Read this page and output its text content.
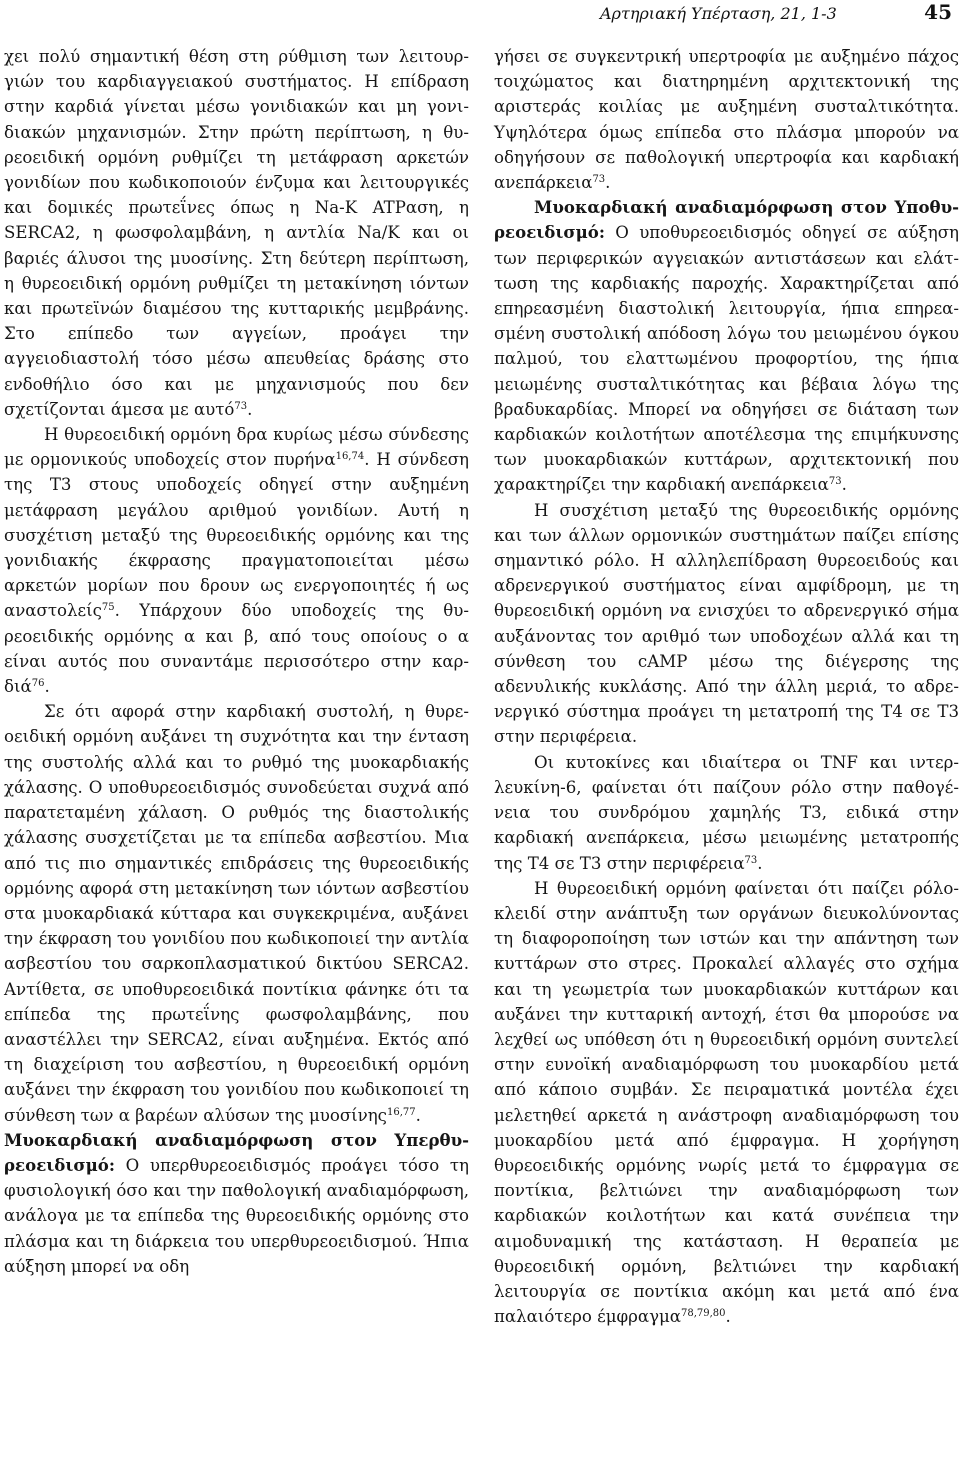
Αρτηριακή Υπέρταση, 21, 1-3	45

χει πολύ σημαντική θέση στη ρύθμιση των λειτουργιών του καρδιαγγειακού συστήματος. Η επίδραση στην καρδιά γίνεται μέσω γονιδιακών και μη γονιδιακών μηχανισμών. Στην πρώτη περίπτωση, η θυρεοειδική ορμόνη ρυθμίζει τη μετάφραση αρκετών γονιδίων που κωδικοποιούν ένζυμα και λειτουργικές και δομικές πρωτεΐνες όπως η Na-K ATPαση, η SERCA2, η φωσφολαμβάνη, η αντλία Na/K και οι βαριές άλυσοι της μυοσίνης. Στη δεύτερη περίπτωση, η θυρεοειδική ορμόνη ρυθμίζει τη μετακίνηση ιόντων και πρωτεϊνών διαμέσου της κυτταρικής μεμβράνης. Στο επίπεδο των αγγείων, προάγει την αγγειοδιαστολή τόσο μέσω απευθείας δράσης στο ενδοθήλιο όσο και με μηχανισμούς που δεν σχετίζονται άμεσα με αυτό$^{73}$.

Η θυρεοειδική ορμόνη δρα κυρίως μέσω σύνδεσης με ορμονικούς υποδοχείς στον πυρήνα$^{16,74}$. Η σύνδεση της T3 στους υποδοχείς οδηγεί στην αυξημένη μετάφραση μεγάλου αριθμού γονιδίων. Αυτή η συσχέτιση μεταξύ της θυρεοειδικής ορμόνης και της γονιδιακής έκφρασης πραγματοποιείται μέσω αρκετών μορίων που δρουν ως ενεργοποιητές ή ως αναστολείς$^{75}$. Υπάρχουν δύο υποδοχείς της θυρεοειδικής ορμόνης α και β, από τους οποίους ο α είναι αυτός που συναντάμε περισσότερο στην καρδιά$^{76}$.

Σε ότι αφορά στην καρδιακή συστολή, η θυρεοειδική ορμόνη αυξάνει τη συχνότητα και την ένταση της συστολής αλλά και το ρυθμό της μυοκαρδιακής χάλασης. Ο υποθυρεοειδισμός συνοδεύεται συχνά από παρατεταμένη χάλαση. Ο ρυθμός της διαστολικής χάλασης συσχετίζεται με τα επίπεδα ασβεστίου. Μια από τις πιο σημαντικές επιδράσεις της θυρεοειδικής ορμόνης αφορά στη μετακίνηση των ιόντων ασβεστίου στα μυοκαρδιακά κύτταρα και συγκεκριμένα, αυξάνει την έκφραση του γονιδίου που κωδικοποιεί την αντλία ασβεστίου του σαρκοπλασματικού δικτύου SERCA2. Αντίθετα, σε υποθυρεοειδικά ποντίκια φάνηκε ότι τα επίπεδα της πρωτεΐνης φωσφολαμβάνης, που αναστέλλει την SERCA2, είναι αυξημένα. Εκτός από τη διαχείριση του ασβεστίου, η θυρεοειδική ορμόνη αυξάνει την έκφραση του γονιδίου που κωδικοποιεί τη σύνθεση των α βαρέων αλύσων της μυοσίνης$^{16,77}$.

Μυοκαρδιακή αναδιαμόρφωση στον Υπερθυρεοειδισμό: Ο υπερθυρεοειδισμός προάγει τόσο τη φυσιολογική όσο και την παθολογική αναδιαμόρφωση, ανάλογα με τα επίπεδα της θυρεοειδικής ορμόνης στο πλάσμα και τη διάρκεια του υπερθυρεοειδισμού. Ήπια αύξηση μπορεί να οδη

γήσει σε συγκεντρική υπερτροφία με αυξημένο πάχος τοιχώματος και διατηρημένη αρχιτεκτονική της αριστεράς κοιλίας με αυξημένη συσταλτικότητα. Υψηλότερα όμως επίπεδα στο πλάσμα μπορούν να οδηγήσουν σε παθολογική υπερτροφία και καρδιακή ανεπάρκεια$^{73}$.

Μυοκαρδιακή αναδιαμόρφωση στον Υποθυρεοειδισμό: Ο υποθυρεοειδισμός οδηγεί σε αύξηση των περιφερικών αγγειακών αντιστάσεων και ελάττωση της καρδιακής παροχής. Χαρακτηρίζεται από επηρεασμένη διαστολική λειτουργία, ήπια επηρεασμένη συστολική απόδοση λόγω του μειωμένου όγκου παλμού, του ελαττωμένου προφορτίου, της ήπια μειωμένης συσταλτικότητας και βέβαια λόγω της βραδυκαρδίας. Μπορεί να οδηγήσει σε διάταση των καρδιακών κοιλοτήτων αποτέλεσμα της επιμήκυνσης των μυοκαρδιακών κυττάρων, αρχιτεκτονική που χαρακτηρίζει την καρδιακή ανεπάρκεια$^{73}$.

Η συσχέτιση μεταξύ της θυρεοειδικής ορμόνης και των άλλων ορμονικών συστημάτων παίζει επίσης σημαντικό ρόλο. Η αλληλεπίδραση θυρεοειδούς και αδρενεργικού συστήματος είναι αμφίδρομη, με τη θυρεοειδική ορμόνη να ενισχύει το αδρενεργικό σήμα αυξάνοντας τον αριθμό των υποδοχέων αλλά και τη σύνθεση του cAMP μέσω της διέγερσης της αδενυλικής κυκλάσης. Από την άλλη μεριά, το αδρενεργικό σύστημα προάγει τη μετατροπή της T4 σε T3 στην περιφέρεια.

Οι κυτοκίνες και ιδιαίτερα οι TNF και ιντερλευκίνη-6, φαίνεται ότι παίζουν ρόλο στην παθογένεια του συνδρόμου χαμηλής T3, ειδικά στην καρδιακή ανεπάρκεια, μέσω μειωμένης μετατροπής της T4 σε T3 στην περιφέρεια$^{73}$.

Η θυρεοειδική ορμόνη φαίνεται ότι παίζει ρόλο-κλειδί στην ανάπτυξη των οργάνων διευκολύνοντας τη διαφοροποίηση των ιστών και την απάντηση των κυττάρων στο στρες. Προκαλεί αλλαγές στο σχήμα και τη γεωμετρία των μυοκαρδιακών κυττάρων και αυξάνει την κυτταρική αντοχή, έτσι θα μπορούσε να λεχθεί ως υπόθεση ότι η θυρεοειδική ορμόνη συντελεί στην ευνοϊκή αναδιαμόρφωση του μυοκαρδίου μετά από κάποιο συμβάν. Σε πειραματικά μοντέλα έχει μελετηθεί αρκετά η ανάστροφη αναδιαμόρφωση του μυοκαρδίου μετά από έμφραγμα. Η χορήγηση θυρεοειδικής ορμόνης νωρίς μετά το έμφραγμα σε ποντίκια, βελτιώνει την αναδιαμόρφωση των καρδιακών κοιλοτήτων και κατά συνέπεια την αιμοδυναμική της κατάσταση. Η θεραπεία με θυρεοειδική ορμόνη, βελτιώνει την καρδιακή λειτουργία σε ποντίκια ακόμη και μετά από ένα παλαιότερο έμφραγμα$^{78,79,80}$.
